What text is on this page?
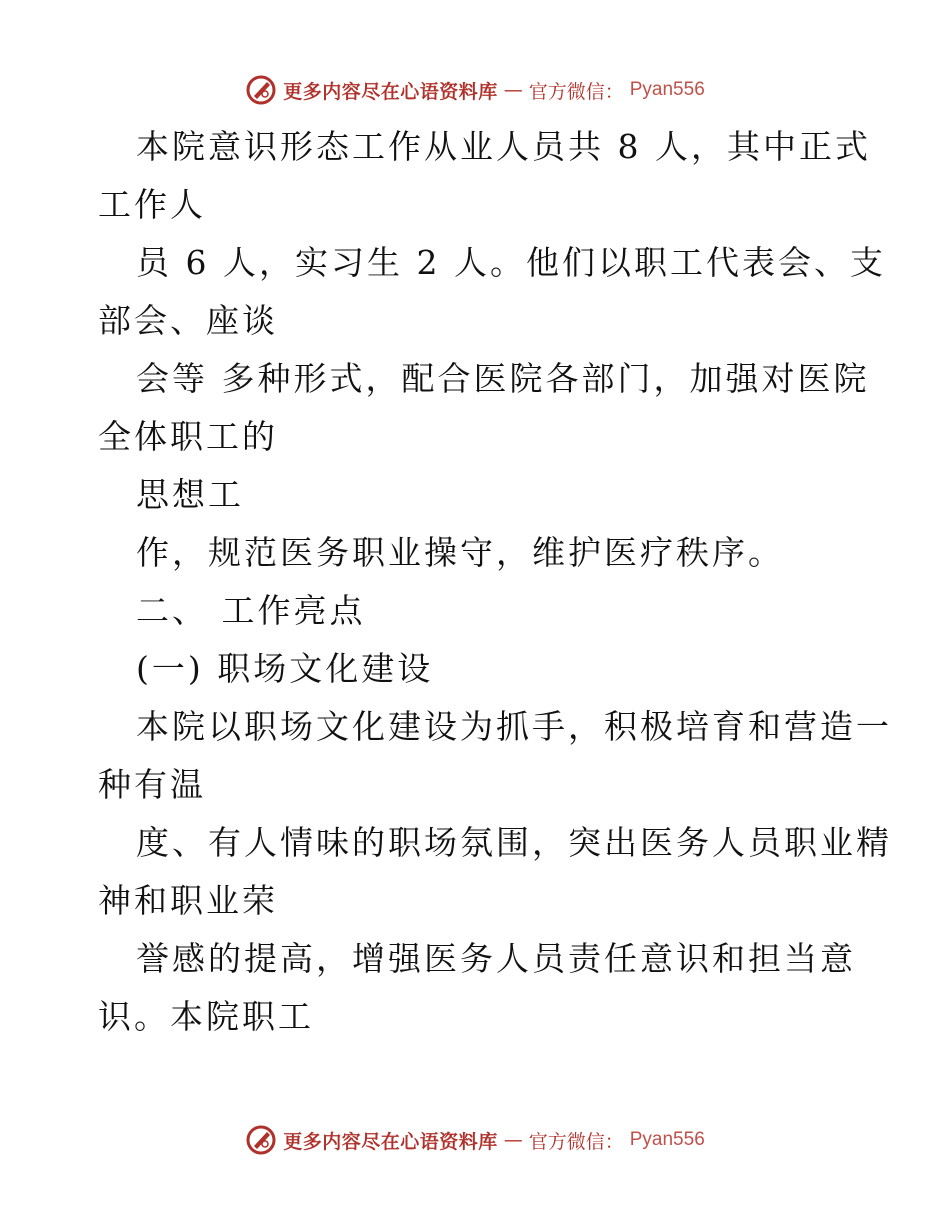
更多内容尽在心语资料库 — 官方微信： Pyan556
本院意识形态工作从业人员共 8 人，其中正式
工作人
员 6 人，实习生 2 人。他们以职工代表会、支
部会、座谈
会等 多种形式，配合医院各部门，加强对医院
全体职工的
思想工
作，规范医务职业操守，维护医疗秩序。
二、 工作亮点
(一) 职场文化建设
本院以职场文化建设为抓手，积极培育和营造一
种有温
度、有人情味的职场氛围，突出医务人员职业精
神和职业荣
誉感的提高，增强医务人员责任意识和担当意
识。本院职工
更多内容尽在心语资料库 — 官方微信： Pyan556
